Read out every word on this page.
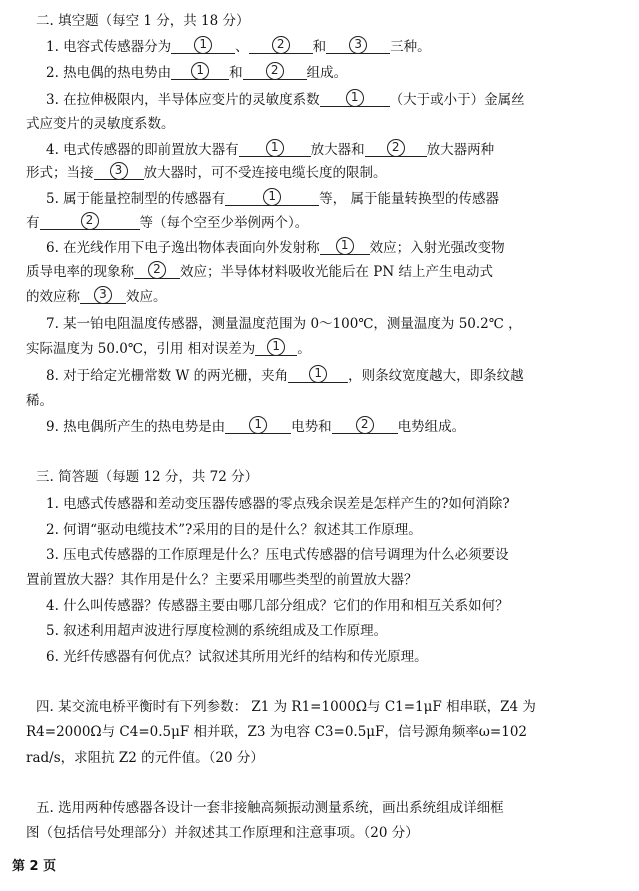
二. 填空题（每空 1 分，共 18 分）
1. 电容式传感器分为 1 、 2 和 3 三种。
2. 热电偶的热电势由 1 和 2 组成。
3. 在拉伸极限内，半导体应变片的灵敏度系数	1 （大于或小于）金属丝
式应变片的灵敏度系数。
4. 电式传感器的即前置放大器有	1 放大器和 2 放大器两种
形式；当接 3 放大器时，可不受连接电缆长度的限制。
5. 属于能量控制型的传感器有	1	等， 属于能量转换型的传感器
有	2	等（每个空至少举例两个）。
6. 在光线作用下电子逸出物体表面向外发射称 1 效应；入射光强改变物
质导电率的现象称 2 效应；半导体材料吸收光能后在 PN 结上产生电动式
的效应称 3 效应。
7. 某一铂电阻温度传感器，测量温度范围为 0～100℃，测量温度为 50.2℃ ，
实际温度为 50.0℃，引用 相对误差为 1 。
8. 对于给定光栅常数 W 的两光栅，夹角 1 ，则条纹宽度越大，即条纹越
稀。
9. 热电偶所产生的热电势是由 1 电势和 2 电势组成。
三. 简答题（每题 12 分，共 72 分）
1. 电感式传感器和差动变压器传感器的零点残余误差是怎样产生的?如何消除?
2. 何谓“驱动电缆技术”?采用的目的是什么？叙述其工作原理。
3. 压电式传感器的工作原理是什么？压电式传感器的信号调理为什么必须要设
置前置放大器？其作用是什么？主要采用哪些类型的前置放大器？
4. 什么叫传感器？传感器主要由哪几部分组成？它们的作用和相互关系如何？
5. 叙述利用超声波进行厚度检测的系统组成及工作原理。
6. 光纤传感器有何优点？试叙述其所用光纤的结构和传光原理。
四. 某交流电桥平衡时有下列参数： Z1 为 R1=1000Ω与 C1=1μF 相串联，Z4 为
R4=2000Ω与 C4=0.5μF 相并联，Z3 为电容 C3=0.5μF，信号源角频率ω=102
rad/s，求阻抗 Z2 的元件值。（20 分）
五. 选用两种传感器各设计一套非接触高频振动测量系统，画出系统组成详细框
图（包括信号处理部分）并叙述其工作原理和注意事项。（20 分）
第 2 页
